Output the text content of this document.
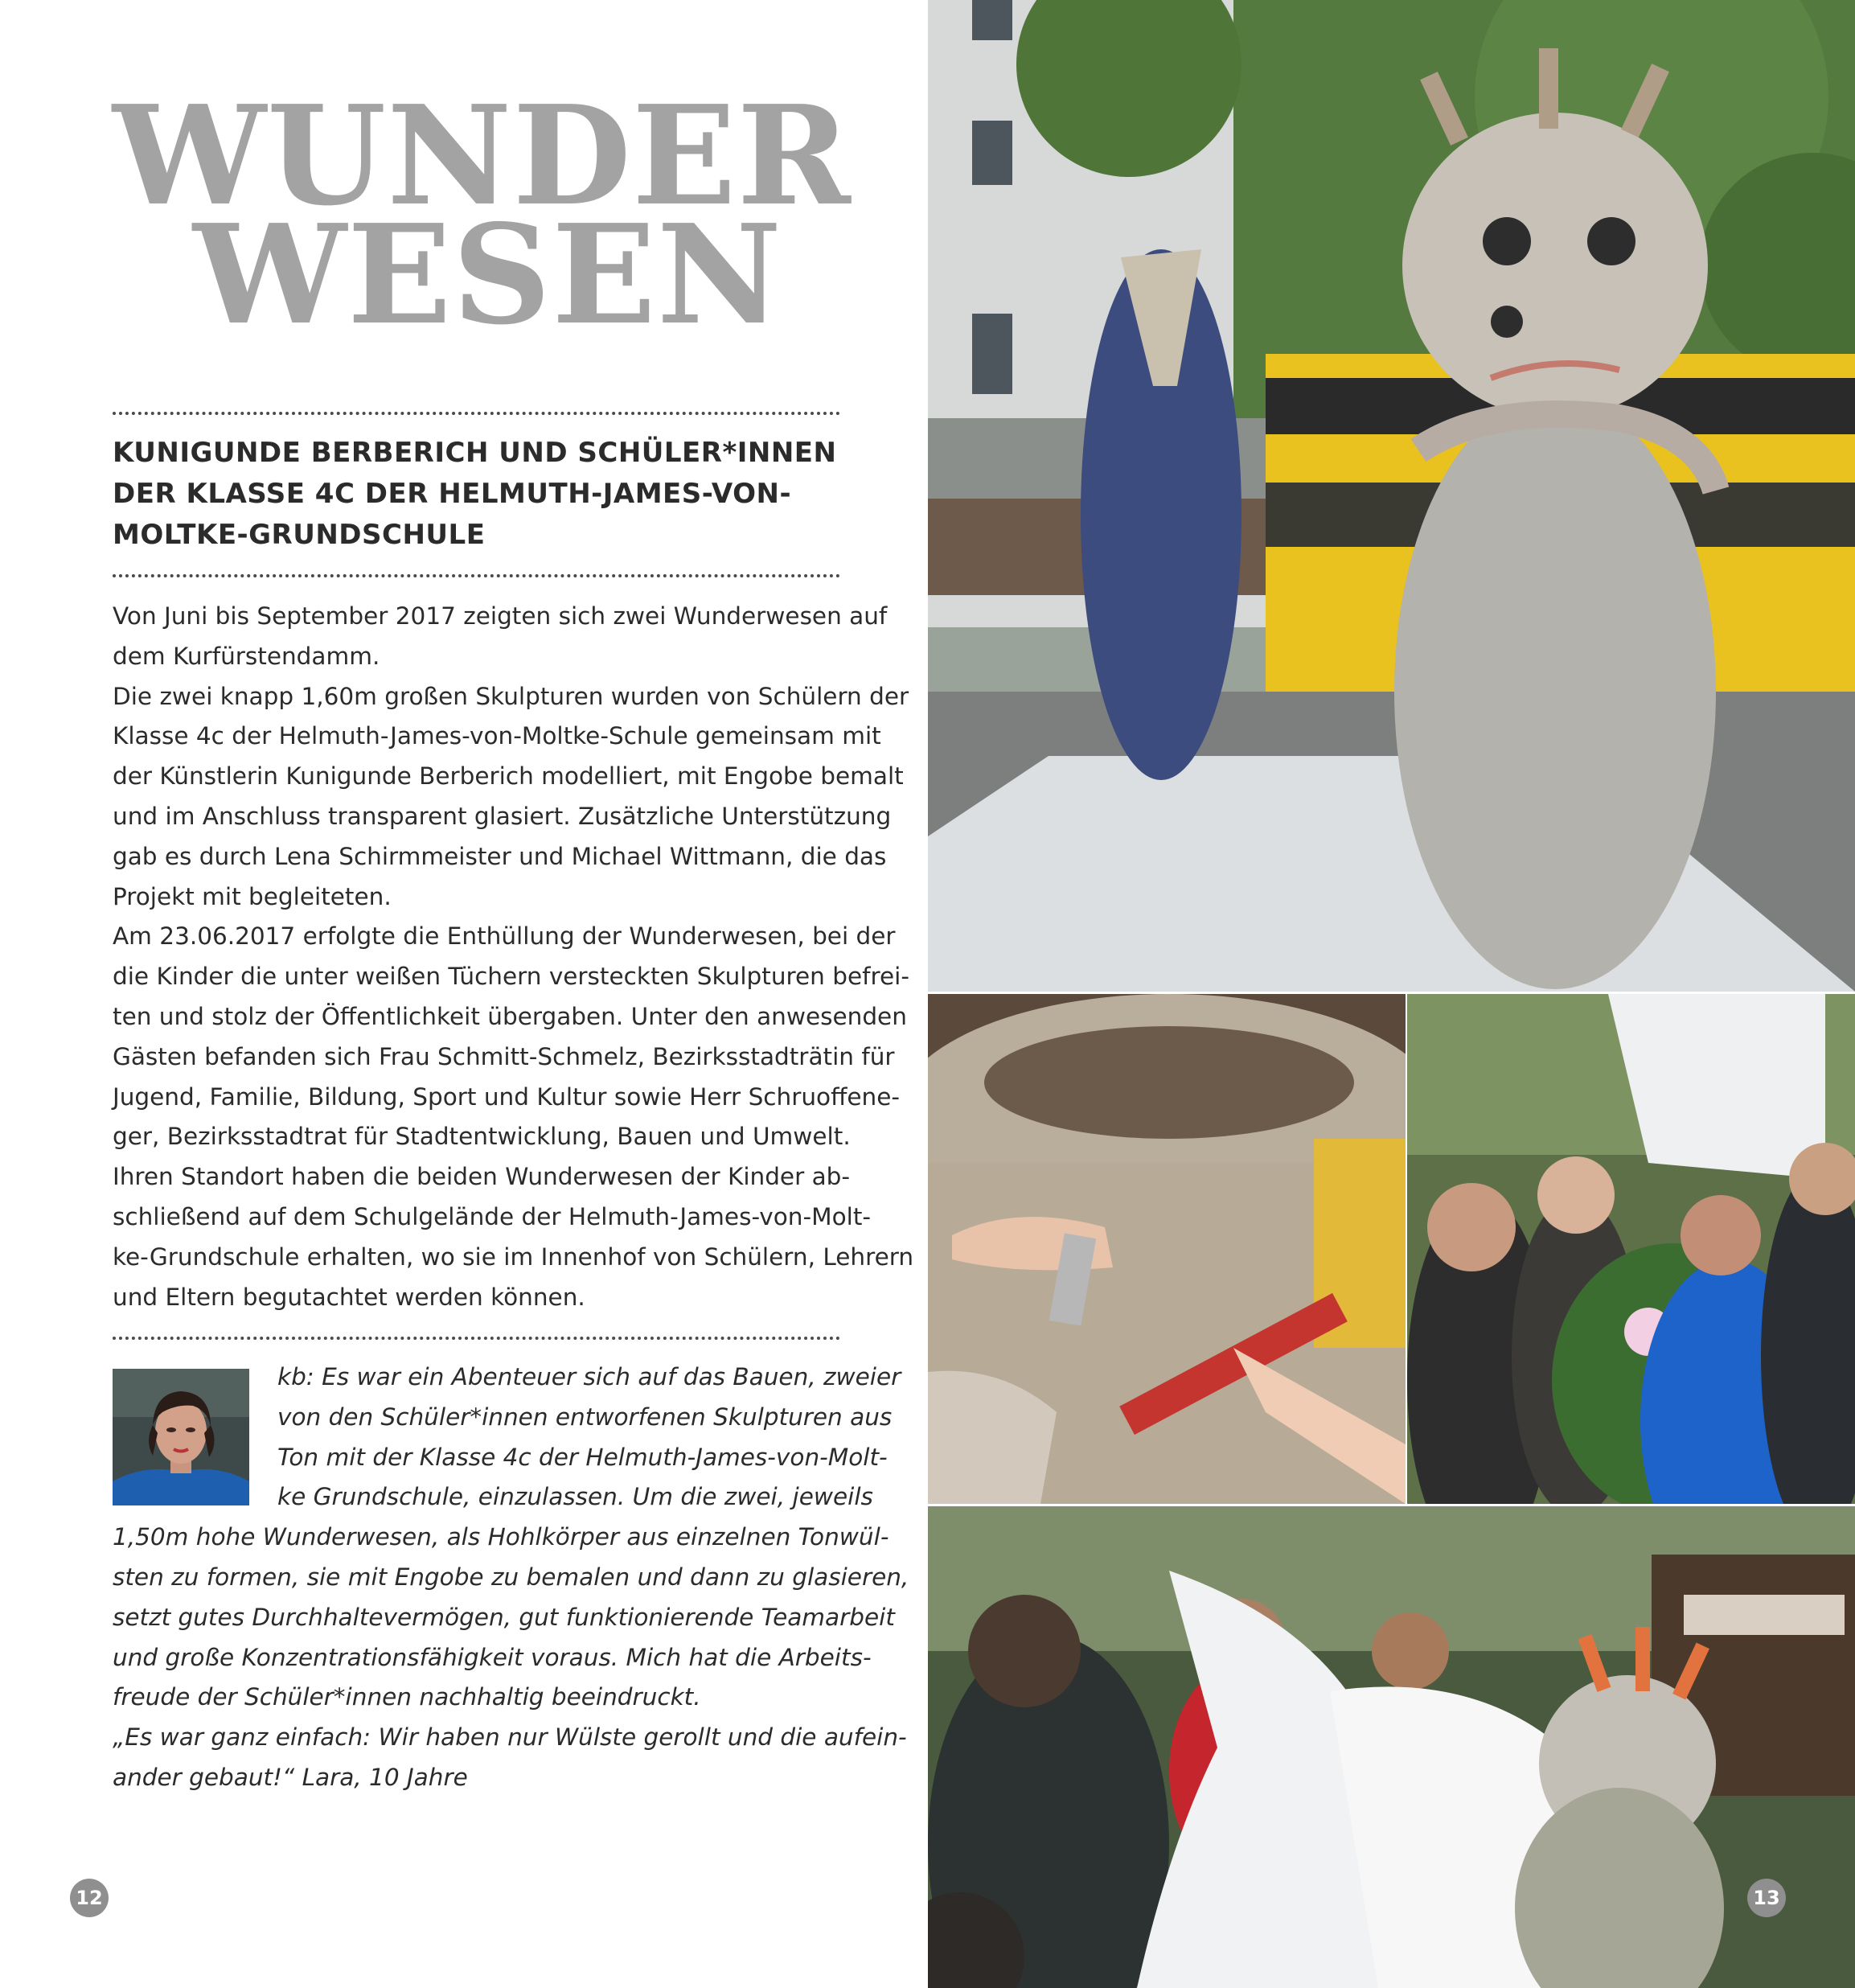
WUNDER
WESEN
KUNIGUNDE BERBERICH UND SCHÜLER*INNEN
DER KLASSE 4C DER HELMUTH-JAMES-VON-
MOLTKE-GRUNDSCHULE

Von Juni bis September 2017 zeigten sich zwei Wunderwesen auf

dem Kurfürstendamm.

Die zwei knapp 1,60m großen Skulpturen wurden von Schülern der

Klasse 4c der Helmuth-James-von-Moltke-Schule gemeinsam mit

der Künstlerin Kunigunde Berberich modelliert, mit Engobe bemalt

und im Anschluss transparent glasiert. Zusätzliche Unterstützung

gab es durch Lena Schirmmeister und Michael Wittmann, die das

Projekt mit begleiteten.

Am 23.06.2017 erfolgte die Enthüllung der Wunderwesen, bei der

die Kinder die unter weißen Tüchern versteckten Skulpturen befrei-

ten und stolz der Öffentlichkeit übergaben. Unter den anwesenden

Gästen befanden sich Frau Schmitt-Schmelz, Bezirksstadträtin für

Jugend, Familie, Bildung, Sport und Kultur sowie Herr Schruoffene-

ger, Bezirksstadtrat für Stadtentwicklung, Bauen und Umwelt.

Ihren Standort haben die beiden Wunderwesen der Kinder ab-

schließend auf dem Schulgelände der Helmuth-James-von-Molt-

ke-Grundschule erhalten, wo sie im Innenhof von Schülern, Lehrern

und Eltern begutachtet werden können.

kb: Es war ein Abenteuer sich auf das Bauen, zweier

von den Schüler*innen entworfenen Skulpturen aus

Ton mit der Klasse 4c der Helmuth-James-von-Molt-

ke Grundschule, einzulassen. Um die zwei, jeweils

1,50m hohe Wunderwesen, als Hohlkörper aus einzelnen Tonwül-

sten zu formen, sie mit Engobe zu bemalen und dann zu glasieren,

setzt gutes Durchhaltevermögen, gut funktionierende Teamarbeit

und große Konzentrationsfähigkeit voraus. Mich hat die Arbeits-

freude der Schüler*innen nachhaltig beeindruckt.

„Es war ganz einfach: Wir haben nur Wülste gerollt und die aufein-

ander gebaut!“ Lara, 10 Jahre

12	13
